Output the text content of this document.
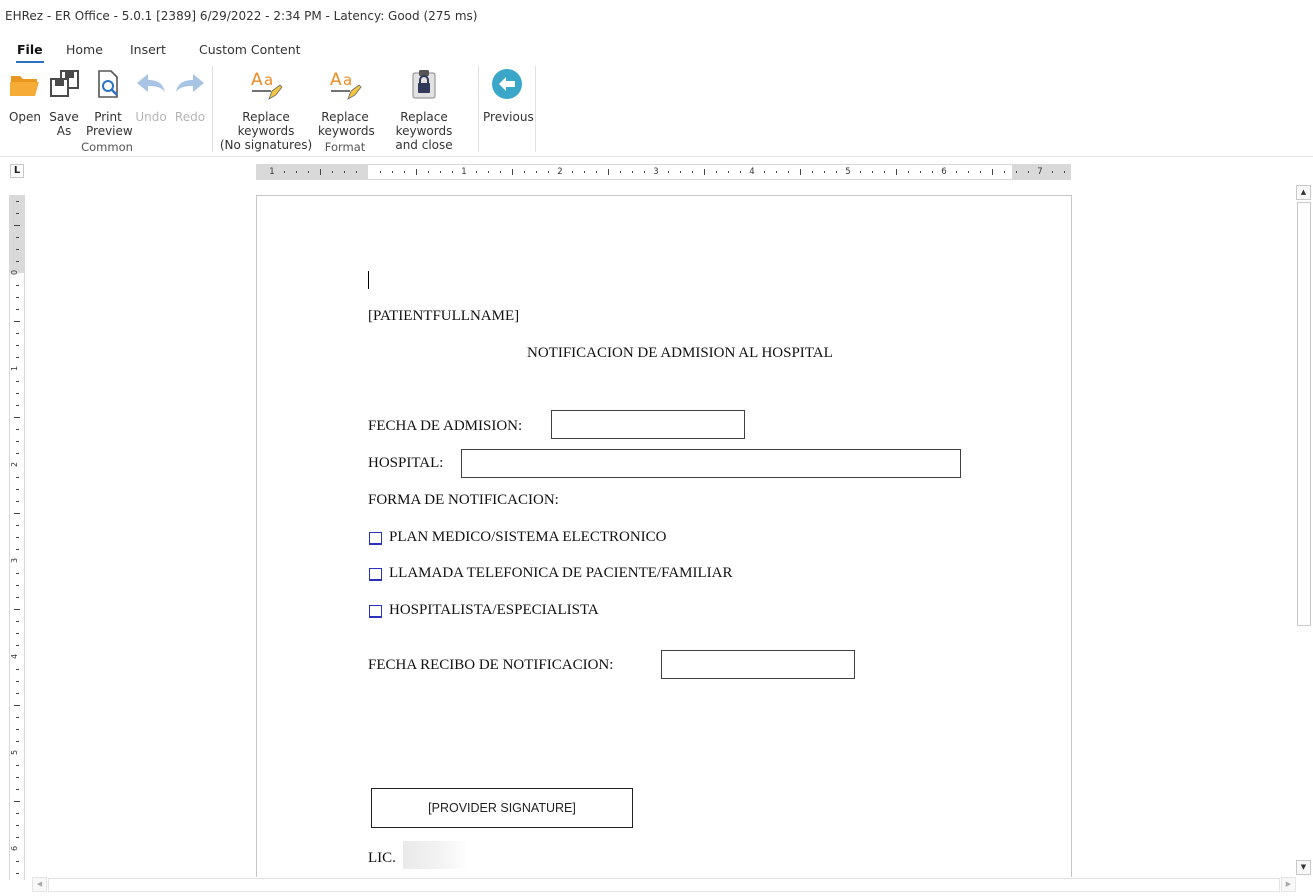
EHRez - ER Office - 5.0.1 [2389] 6/29/2022 - 2:34 PM - Latency: Good (275 ms)
File Home Insert	Custom Content
Open Save
As
Print
Preview
Undo Redo
Common
A a
Replace keywords
(No signatures)
A a
Replace
keywords
Replace keywords
and close
Format
Previous
L	1	1	2	3	4	5	6	7
0
1
2
3
4
5
6
[PATIENTFULLNAME]
NOTIFICACION DE ADMISION AL HOSPITAL
FECHA DE ADMISION:
HOSPITAL:
FORMA DE NOTIFICACION:
PLAN MEDICO/SISTEMA ELECTRONICO
LLAMADA TELEFONICA DE PACIENTE/FAMILIAR
HOSPITALISTA/ESPECIALISTA
FECHA RECIBO DE NOTIFICACION:
[PROVIDER SIGNATURE]
LIC.
▲
▼
◀	▶
